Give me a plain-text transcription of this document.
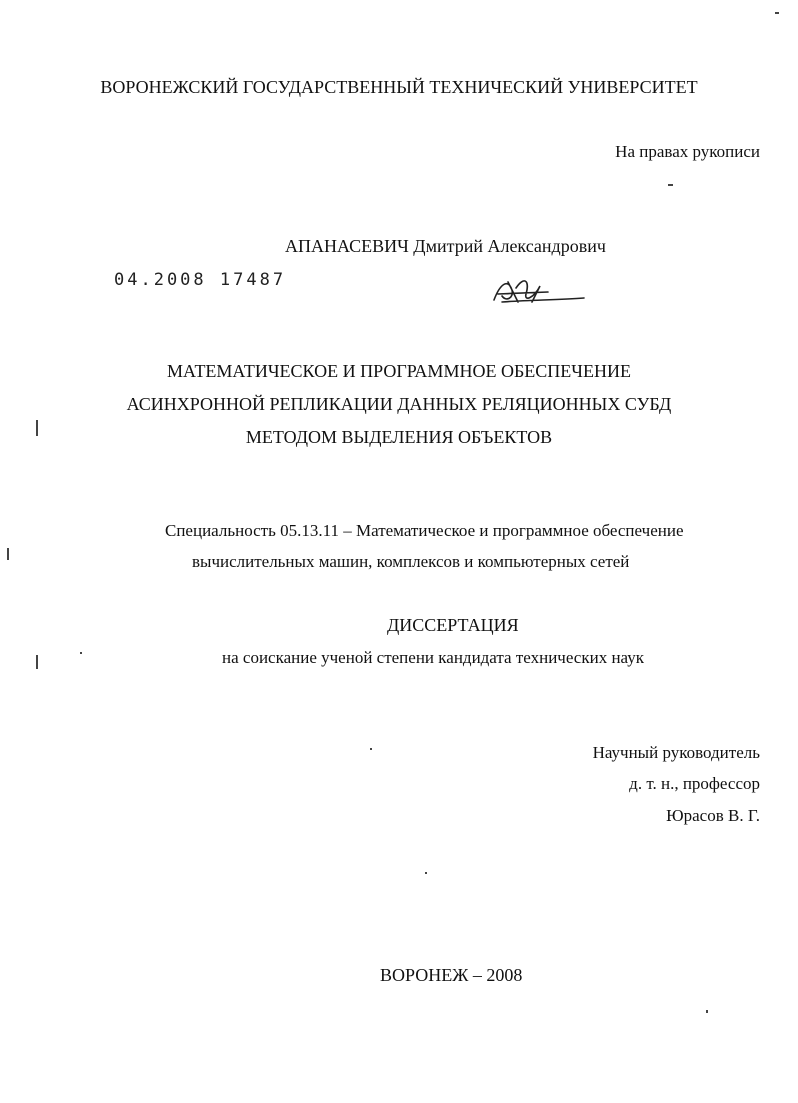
ВОРОНЕЖСКИЙ ГОСУДАРСТВЕННЫЙ ТЕХНИЧЕСКИЙ УНИВЕРСИТЕТ
На правах рукописи
АПАНАСЕВИЧ Дмитрий Александрович
04.2008 17487
МАТЕМАТИЧЕСКОЕ И ПРОГРАММНОЕ ОБЕСПЕЧЕНИЕ
АСИНХРОННОЙ РЕПЛИКАЦИИ ДАННЫХ РЕЛЯЦИОННЫХ СУБД
МЕТОДОМ ВЫДЕЛЕНИЯ ОБЪЕКТОВ
Специальность 05.13.11 – Математическое и программное обеспечение
вычислительных машин, комплексов и компьютерных сетей
ДИССЕРТАЦИЯ
на соискание ученой степени кандидата технических наук
Научный руководитель
д. т. н., профессор
Юрасов В. Г.
ВОРОНЕЖ – 2008
